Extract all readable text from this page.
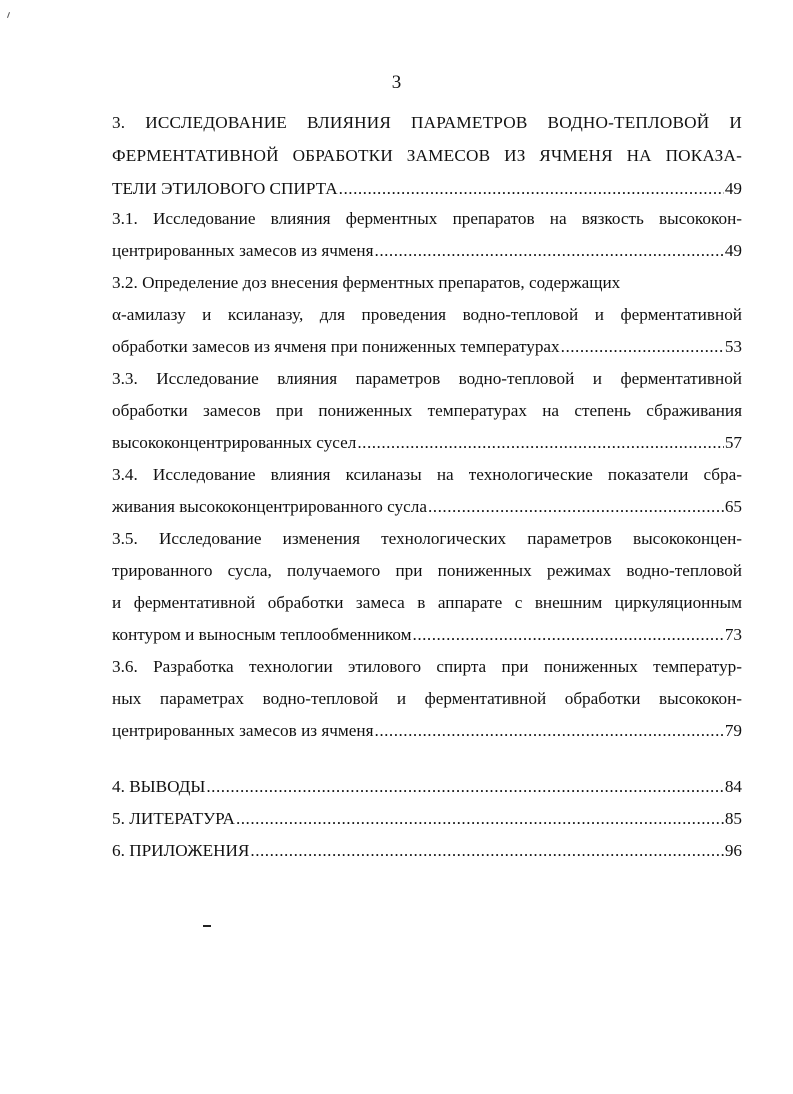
3
3. ИССЛЕДОВАНИЕ ВЛИЯНИЯ ПАРАМЕТРОВ ВОДНО-ТЕПЛОВОЙ И
ФЕРМЕНТАТИВНОЙ ОБРАБОТКИ ЗАМЕСОВ ИЗ ЯЧМЕНЯ НА ПОКАЗА-
ТЕЛИ ЭТИЛОВОГО СПИРТА .....	49
3.1. Исследование влияния ферментных препаратов на вязкость высококон-
центрированных замесов из ячменя .....	49
3.2. Определение доз внесения ферментных препаратов, содержащих
α-амилазу и ксиланазу, для проведения водно-тепловой и ферментативной
обработки замесов из ячменя при пониженных температурах .....	53
3.3. Исследование влияния параметров водно-тепловой и ферментативной
обработки замесов при пониженных температурах на степень сбраживания
высококонцентрированных сусел .....	57
3.4. Исследование влияния ксиланазы на технологические показатели сбра-
живания высококонцентрированного сусла .....	65
3.5. Исследование изменения технологических параметров высококонцен-
трированного сусла, получаемого при пониженных режимах водно-тепловой
и ферментативной обработки замеса в аппарате с внешним циркуляционным
контуром и выносным теплообменником .....	73
3.6. Разработка технологии этилового спирта при пониженных температур-
ных параметрах водно-тепловой и ферментативной обработки высококон-
центрированных замесов из ячменя .....	79
4. ВЫВОДЫ .....	84
5. ЛИТЕРАТУРА .....	85
6. ПРИЛОЖЕНИЯ .....	96
